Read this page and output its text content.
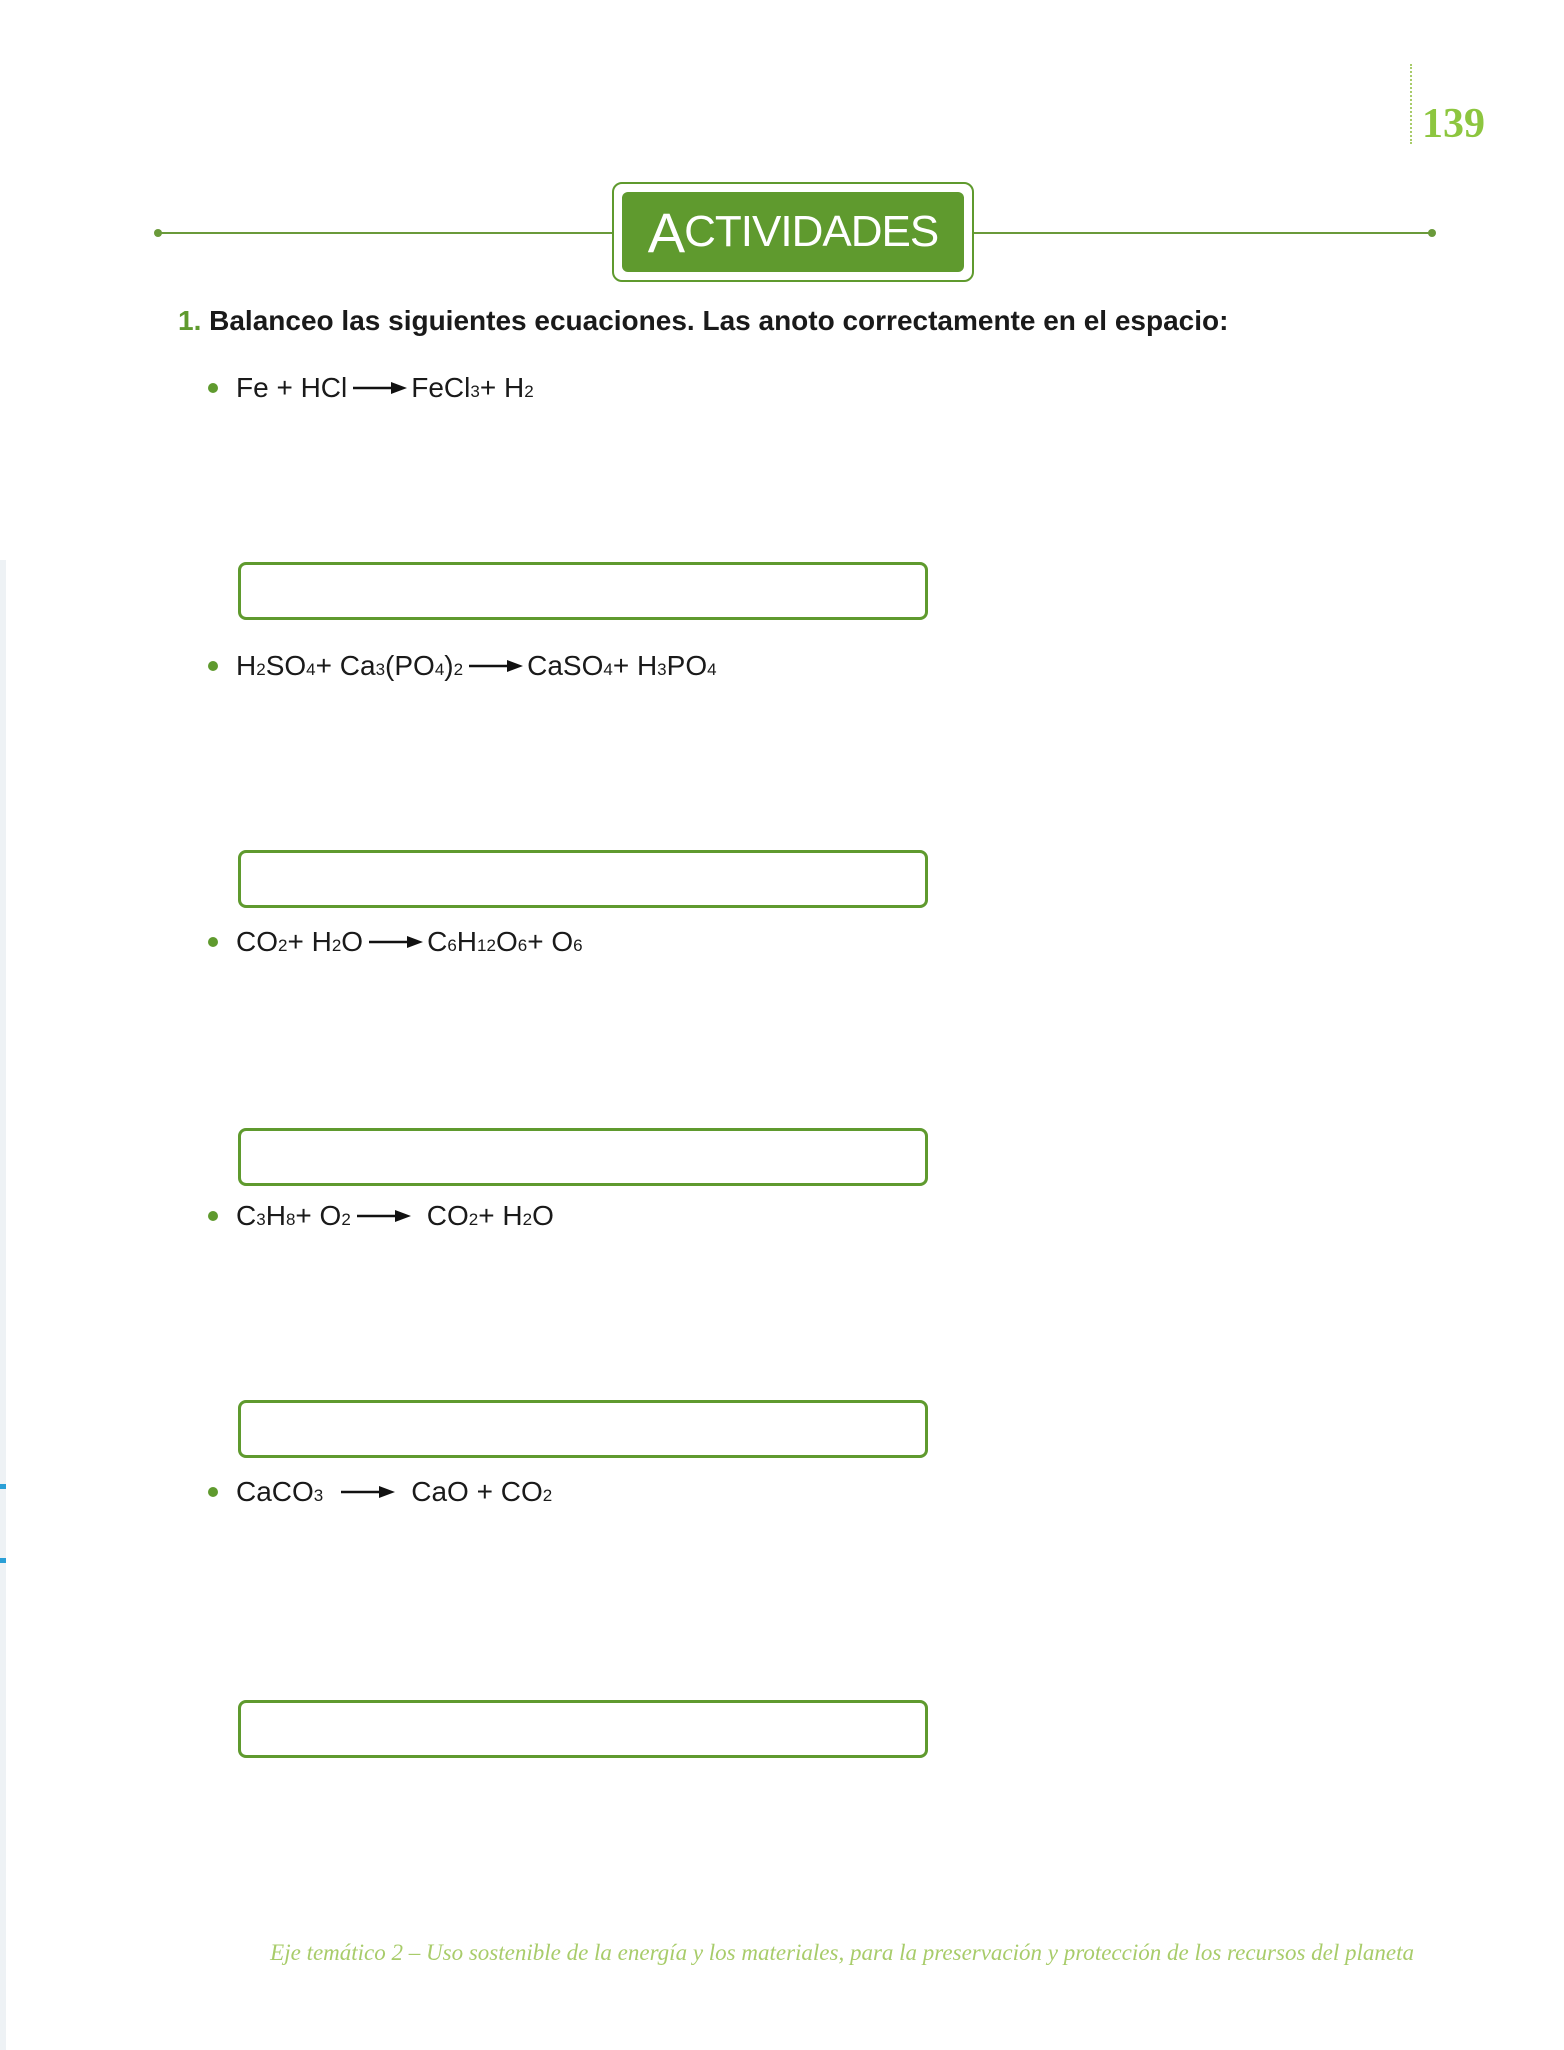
139
A CTIVIDADES
1. Balanceo las siguientes ecuaciones. Las anoto correctamente en el espacio:
Fe + HCl → FeCl 3 + H 2
H 2 SO 4 + Ca 3 (PO 4 ) 2 → CaSO 4 + H 3 PO 4
CO 2 + H 2 O → C 6 H 12 O 6 + O 6
C 3 H 8 + O 2 → CO 2 + H 2 O
CaCO 3 → CaO + CO 2
Eje temático 2 – Uso sostenible de la energía y los materiales, para la preservación y protección de los recursos del planeta
